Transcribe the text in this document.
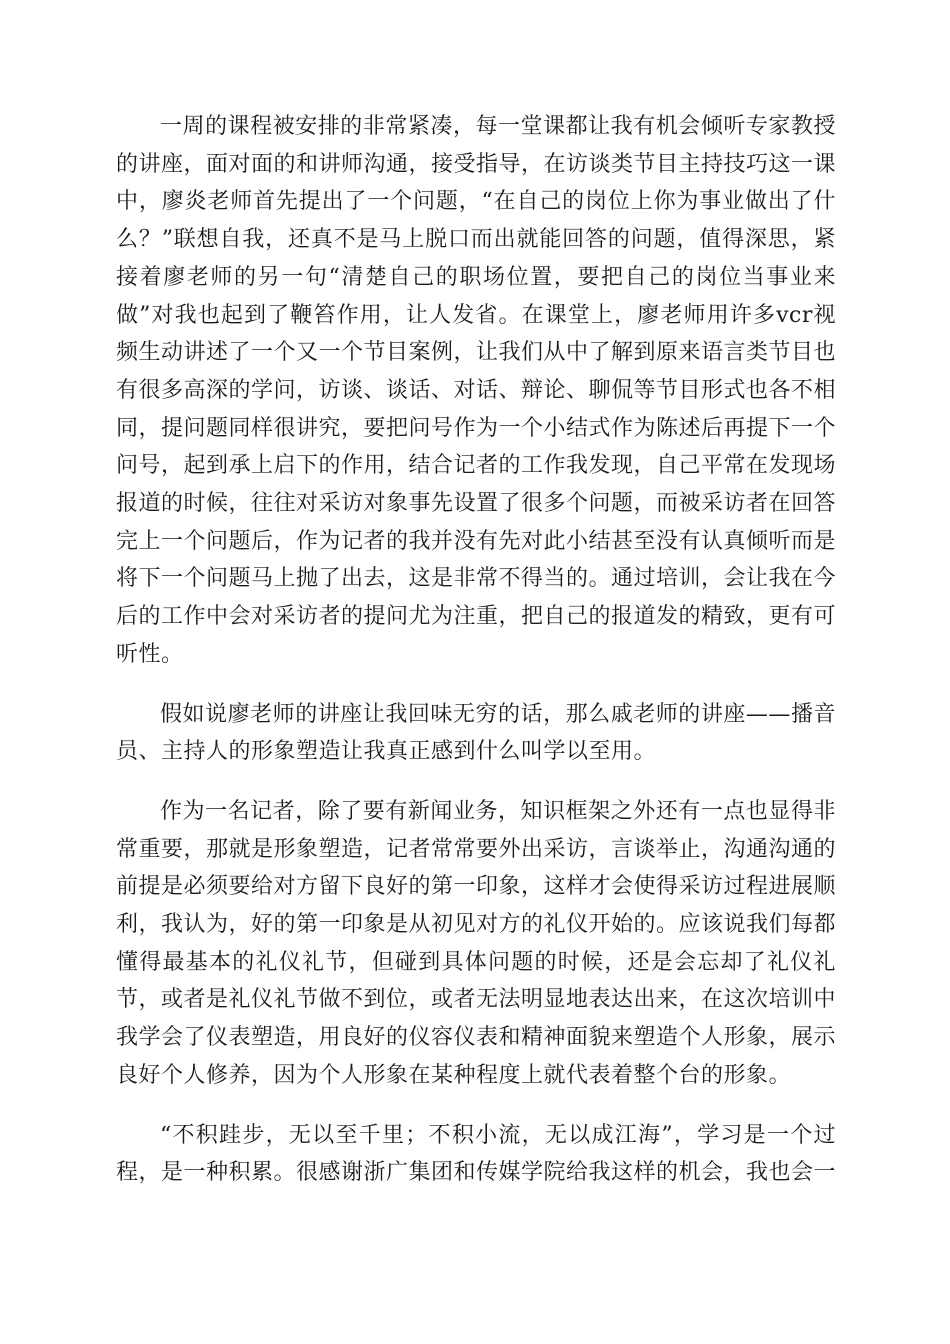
一周的课程被安排的非常紧凑，每一堂课都让我有机会倾听专家教授的讲座，面对面的和讲师沟通，接受指导，在访谈类节目主持技巧这一课中，廖炎老师首先提出了一个问题，“在自己的岗位上你为事业做出了什么？”联想自我，还真不是马上脱口而出就能回答的问题，值得深思，紧接着廖老师的另一句“清楚自己的职场位置，要把自己的岗位当事业来做”对我也起到了鞭笞作用，让人发省。在课堂上，廖老师用许多vcr视频生动讲述了一个又一个节目案例，让我们从中了解到原来语言类节目也有很多高深的学问，访谈、谈话、对话、辩论、聊侃等节目形式也各不相同，提问题同样很讲究，要把问号作为一个小结式作为陈述后再提下一个问号，起到承上启下的作用，结合记者的工作我发现，自己平常在发现场报道的时候，往往对采访对象事先设置了很多个问题，而被采访者在回答完上一个问题后，作为记者的我并没有先对此小结甚至没有认真倾听而是将下一个问题马上抛了出去，这是非常不得当的。通过培训，会让我在今后的工作中会对采访者的提问尤为注重，把自己的报道发的精致，更有可听性。

假如说廖老师的讲座让我回味无穷的话，那么戚老师的讲座——播音员、主持人的形象塑造让我真正感到什么叫学以至用。

作为一名记者，除了要有新闻业务，知识框架之外还有一点也显得非常重要，那就是形象塑造，记者常常要外出采访，言谈举止，沟通沟通的前提是必须要给对方留下良好的第一印象，这样才会使得采访过程进展顺利，我认为，好的第一印象是从初见对方的礼仪开始的。应该说我们每都懂得最基本的礼仪礼节，但碰到具体问题的时候，还是会忘却了礼仪礼节，或者是礼仪礼节做不到位，或者无法明显地表达出来，在这次培训中我学会了仪表塑造，用良好的仪容仪表和精神面貌来塑造个人形象，展示良好个人修养，因为个人形象在某种程度上就代表着整个台的形象。

“不积跬步，无以至千里；不积小流，无以成江海”，学习是一个过程，是一种积累。很感谢浙广集团和传媒学院给我这样的机会，我也会一
